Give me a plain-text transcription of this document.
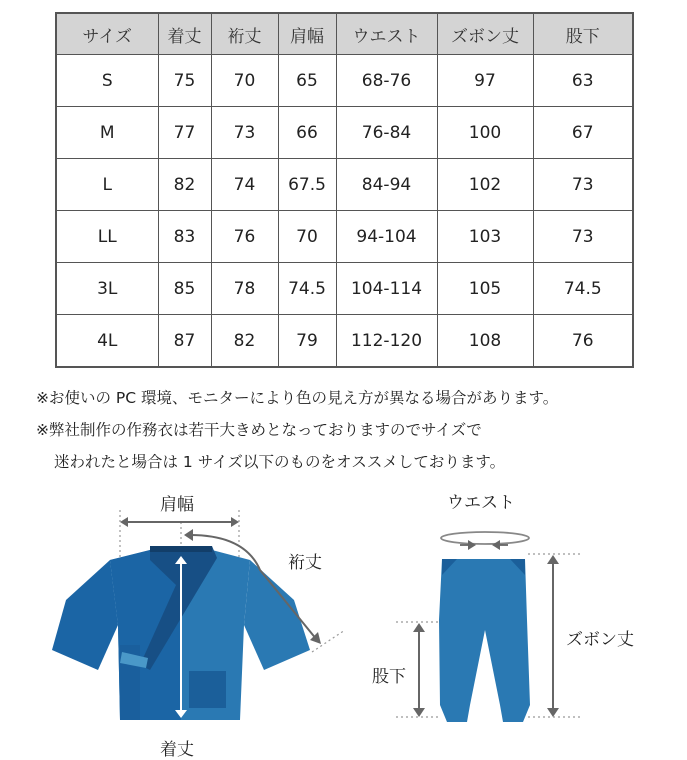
サイズ	着丈	裄丈	肩幅	ウエスト	ズボン丈	股下
S	75	70	65	68-76	97	63
M	77	73	66	76-84	100	67
L	82	74	67.5	84-94	102	73
LL	83	76	70	94-104	103	73
3L	85	78	74.5	104-114	105	74.5
4L	87	82	79	112-120	108	76
※お使いの PC 環境、モニターにより色の見え方が異なる場合があります。
※弊社制作の作務衣は若干大きめとなっておりますのでサイズで
迷われたと場合は 1 サイズ以下のものをオススメしております。
肩幅
裄丈
着丈
ウエスト
ズボン丈
股下
